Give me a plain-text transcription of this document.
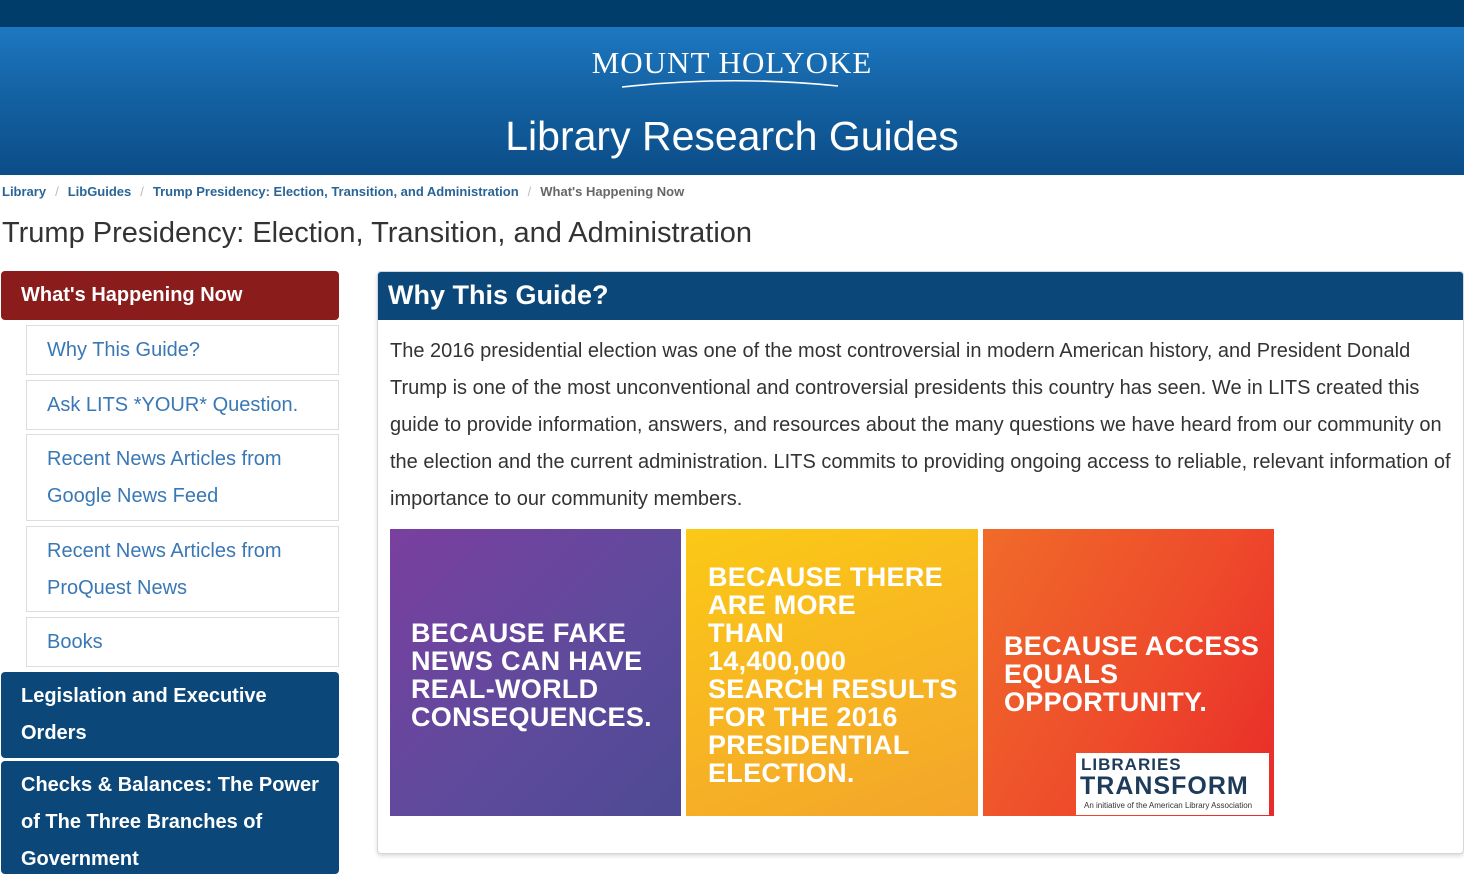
MOUNT HOLYOKE
Library Research Guides
Library / LibGuides / Trump Presidency: Election, Transition, and Administration / What's Happening Now
Trump Presidency: Election, Transition, and Administration
What's Happening Now
Why This Guide?
Ask LITS *YOUR* Question.
Recent News Articles from Google News Feed
Recent News Articles from ProQuest News
Books
Legislation and Executive Orders
Checks & Balances: The Power of The Three Branches of Government
Why This Guide?
The 2016 presidential election was one of the most controversial in modern American history, and President Donald Trump is one of the most unconventional and controversial presidents this country has seen. We in LITS created this guide to provide information, answers, and resources about the many questions we have heard from our community on the election and the current administration. LITS commits to providing ongoing access to reliable, relevant information of importance to our community members.
BECAUSE FAKE
NEWS CAN HAVE
REAL-WORLD
CONSEQUENCES.
BECAUSE THERE
ARE MORE
THAN
14,400,000
SEARCH RESULTS
FOR THE 2016
PRESIDENTIAL
ELECTION.
BECAUSE ACCESS
EQUALS
OPPORTUNITY.
LIBRARIES
TRANSFORM
An initiative of the American Library Association
